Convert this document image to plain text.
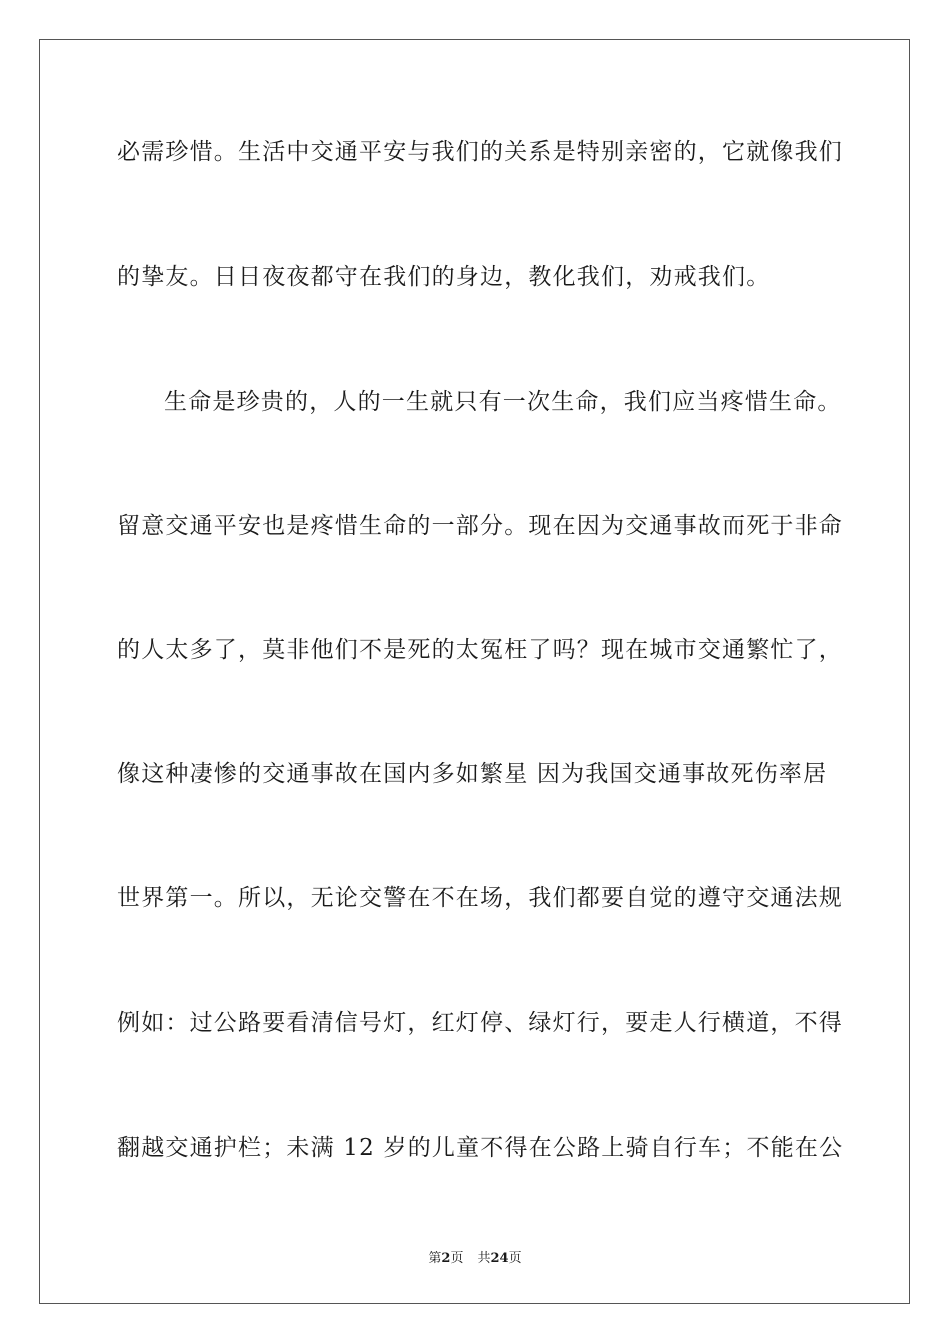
必需珍惜。生活中交通平安与我们的关系是特别亲密的，它就像我们
的挚友。日日夜夜都守在我们的身边，教化我们，劝戒我们。
生命是珍贵的，人的一生就只有一次生命，我们应当疼惜生命。
留意交通平安也是疼惜生命的一部分。现在因为交通事故而死于非命
的人太多了，莫非他们不是死的太冤枉了吗？现在城市交通繁忙了，
像这种凄惨的交通事故在国内多如繁星 因为我国交通事故死伤率居
世界第一。所以，无论交警在不在场，我们都要自觉的遵守交通法规
例如：过公路要看清信号灯，红灯停、绿灯行，要走人行横道，不得
翻越交通护栏；未满 12 岁的儿童不得在公路上骑自行车；不能在公
第2页 共24页
